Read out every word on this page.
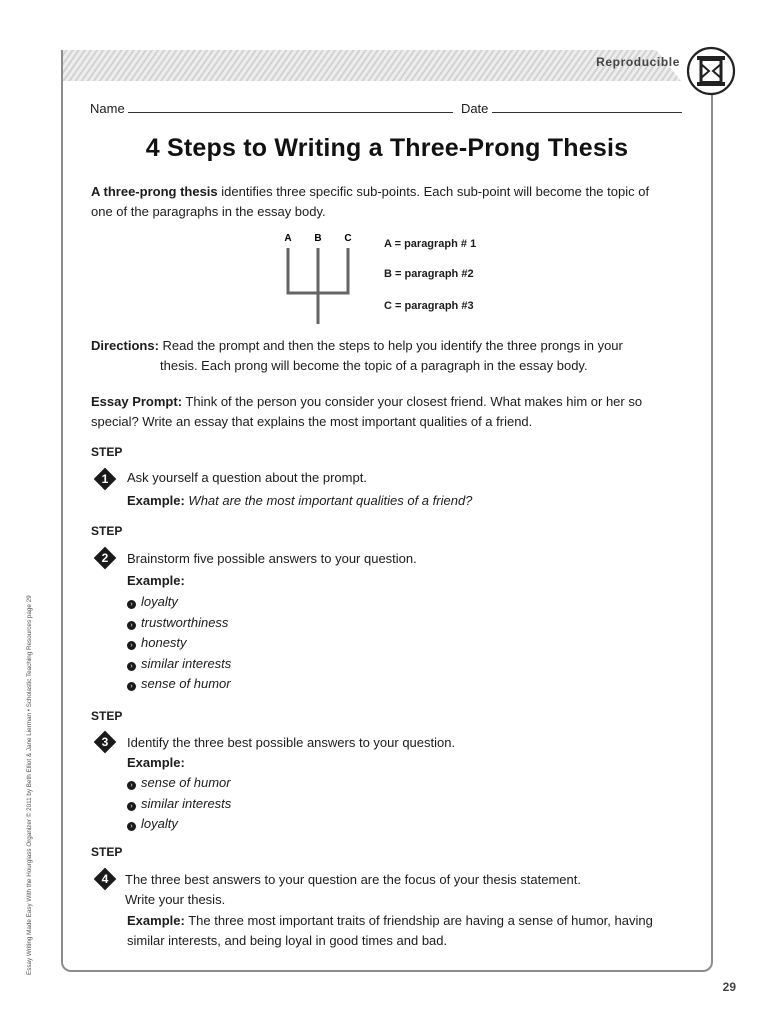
Reproducible
Name	Date
4 Steps to Writing a Three-Prong Thesis
A three-prong thesis identifies three specific sub-points. Each sub-point will become the topic of one of the paragraphs in the essay body.
A B C	A = paragraph # 1
B = paragraph #2
C = paragraph #3
Directions: Read the prompt and then the steps to help you identify the three prongs in your
thesis. Each prong will become the topic of a paragraph in the essay body.
Essay Prompt: Think of the person you consider your closest friend. What makes him or her so special? Write an essay that explains the most important qualities of a friend.
STEP
1	Ask yourself a question about the prompt.
Example: What are the most important qualities of a friend?
STEP
2	Brainstorm five possible answers to your question.
Example:
› loyalty
› trustworthiness
› honesty
› similar interests
› sense of humor
STEP
3	Identify the three best possible answers to your question.
Example:
› sense of humor
› similar interests
› loyalty
STEP
4	The three best answers to your question are the focus of your thesis statement.
Write your thesis.
Example: The three most important traits of friendship are having a sense of humor, having similar interests, and being loyal in good times and bad.
Essay Writing Made Easy With the Hourglass Organizer © 2011 by Beth Elliot & Jane Lierman • Scholastic Teaching Resources page 29
29
